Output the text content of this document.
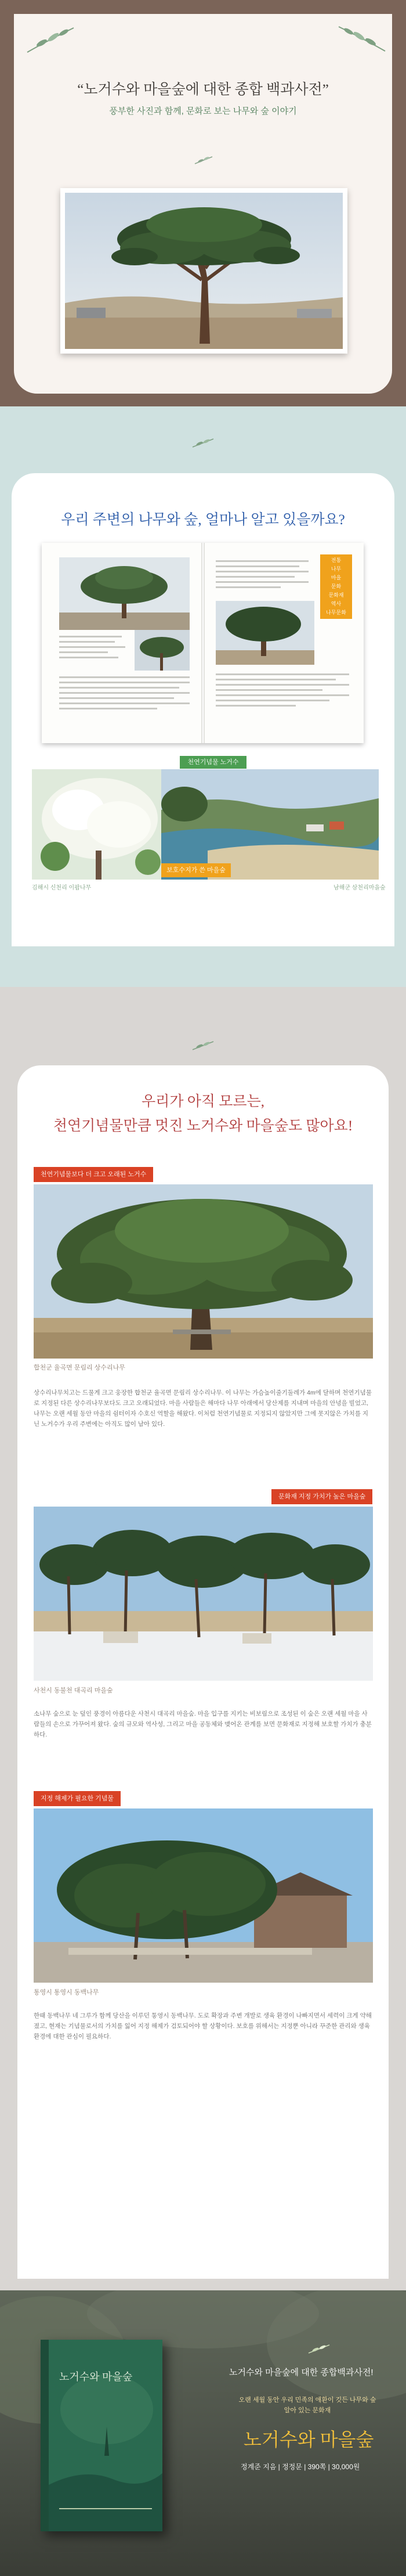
“노거수와 마을숲에 대한 종합 백과사전”
풍부한 사진과 함께, 문화로 보는 나무와 숲 이야기
우리 주변의 나무와 숲, 얼마나 알고 있을까요?
전통
나무
마을
문화
문화재
역사
나무문화
천연기념물 노거수
김해시 신천리 이팝나무
보호수지가 쓴 마을숲
남해군 삼천리마을숲
우리가 아직 모르는,
천연기념물만큼 멋진 노거수와 마을숲도 많아요!
천연기념물보다 더 크고 오래된 노거수
합천군 율곡면 문림리 상수리나무
상수리나무치고는 드물게 크고 웅장한 합천군 율곡면 문림리 상수리나무. 이 나무는 가슴높이줄기둘레가 4m에 달하며 천연기념물로 지정된 다른 상수리나무보다도 크고 오래되었다. 마을 사람들은 해마다 나무 아래에서 당산제를 지내며 마을의 안녕을 빌었고, 나무는 오랜 세월 동안 마을의 쉼터이자 수호신 역할을 해왔다. 이처럼 천연기념물로 지정되지 않았지만 그에 못지않은 가치를 지닌 노거수가 우리 주변에는 아직도 많이 남아 있다.
문화재 지정 가치가 높은 마을숲
사천시 동불천 대곡리 마을숲
소나무 숲으로 눈 덮인 풍경이 아름다운 사천시 대곡리 마을숲. 마을 입구를 지키는 비보림으로 조성된 이 숲은 오랜 세월 마을 사람들의 손으로 가꾸어져 왔다. 숲의 규모와 역사성, 그리고 마을 공동체와 맺어온 관계를 보면 문화재로 지정해 보호할 가치가 충분하다.
지정 해제가 필요한 기념물
통영시 통영시 동백나무
한때 동백나무 네 그루가 함께 당산을 이루던 통영시 동백나무. 도로 확장과 주변 개발로 생육 환경이 나빠지면서 세력이 크게 약해졌고, 현재는 기념물로서의 가치를 잃어 지정 해제가 검토되어야 할 상황이다. 보호를 위해서는 지정뿐 아니라 꾸준한 관리와 생육 환경에 대한 관심이 필요하다.
노거수와 마을숲	노거수와 마을숲에 대한 종합백과사전!
오랜 세월 동안 우리 민족의 애환이 깃든 나무와 숲
알아 있는 문화재
노거수와 마을숲
정계준 지음 | 정정문 | 390쪽 | 30,000원
